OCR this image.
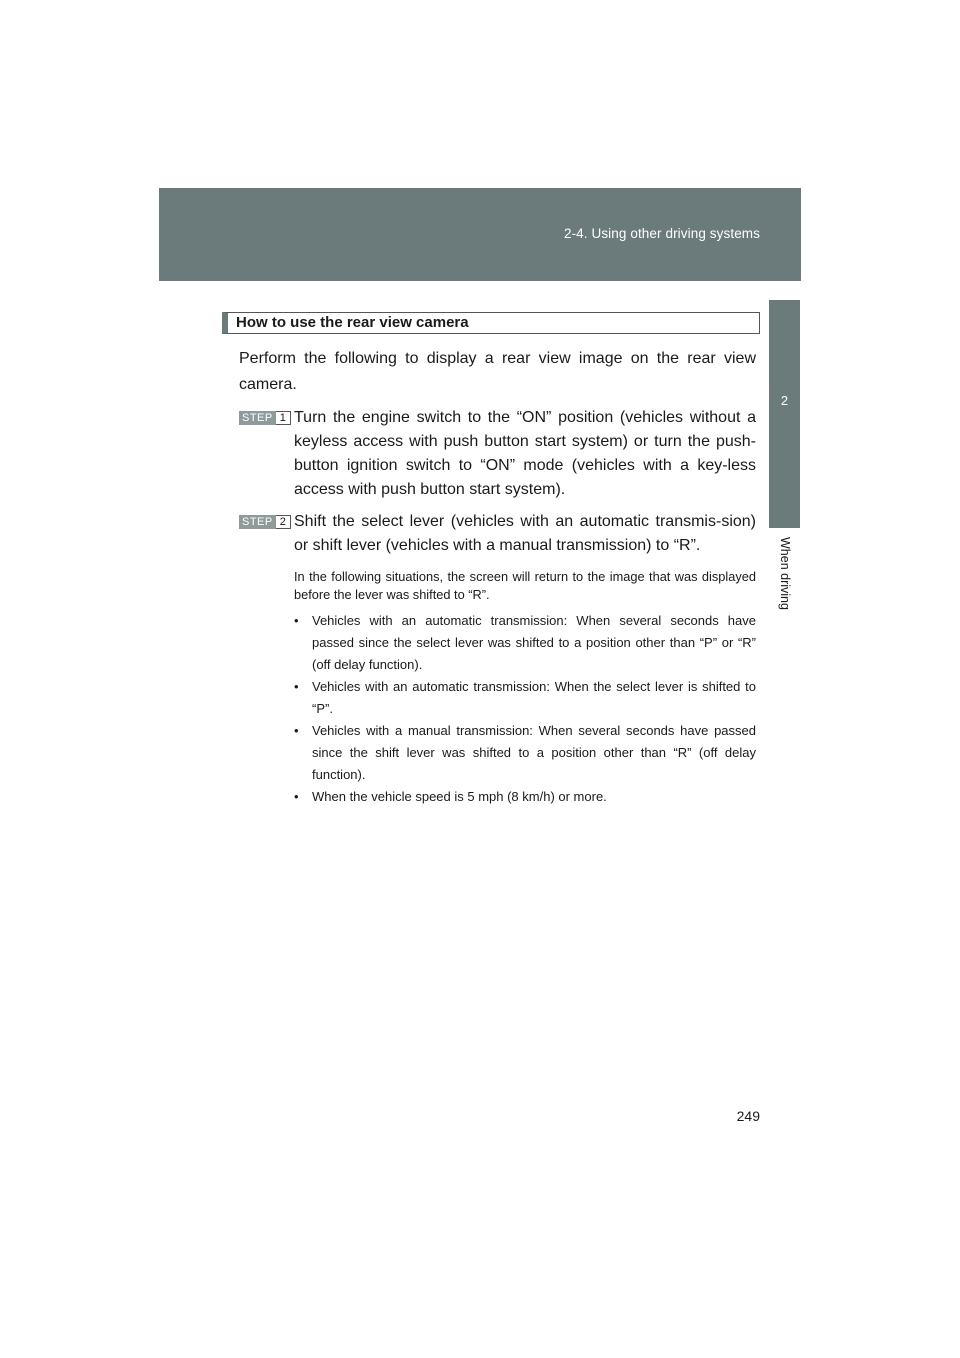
2-4. Using other driving systems
2
When driving
How to use the rear view camera

Perform the following to display a rear view image on the rear view camera.

STEP 1 Turn the engine switch to the “ON” position (vehicles without a keyless access with push button start system) or turn the push-button ignition switch to “ON” mode (vehicles with a key-less access with push button start system).

STEP 2 Shift the select lever (vehicles with an automatic transmis-sion) or shift lever (vehicles with a manual transmission) to “R”.

In the following situations, the screen will return to the image that was displayed before the lever was shifted to “R”.

• Vehicles with an automatic transmission: When several seconds have passed since the select lever was shifted to a position other than “P” or “R” (off delay function).
• Vehicles with an automatic transmission: When the select lever is shifted to “P”.
• Vehicles with a manual transmission: When several seconds have passed since the shift lever was shifted to a position other than “R” (off delay function).
• When the vehicle speed is 5 mph (8 km/h) or more.
249
